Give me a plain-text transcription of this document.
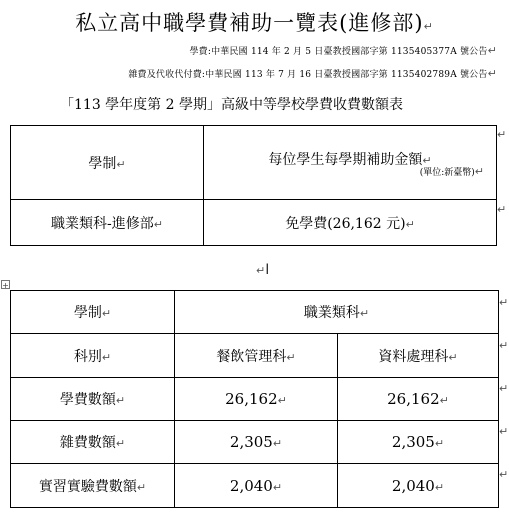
私立高中職學費補助一覽表(進修部)↵
學費:中華民國 114 年 2 月 5 日臺教授國部字第 1135405377A 號公告↵
雜費及代收代付費:中華民國 113 年 7 月 16 日臺教授國部字第 1135402789A 號公告↵
「113 學年度第 2 學期」高級中等學校學費收費數額表
學制↵	每位學生每學期補助金額↵
(單位:新臺幣)↵

職業類科-進修部↵	免學費(26,162 元)↵
↵
↵
↵I
+
學制↵	職業類科↵	
科別↵	餐飲管理科↵	資料處理科↵
學費數額↵	26,162↵	26,162↵
雜費數額↵	2,305↵	2,305↵
實習實驗費數額↵	2,040↵	2,040↵
↵
↵
↵
↵
↵
